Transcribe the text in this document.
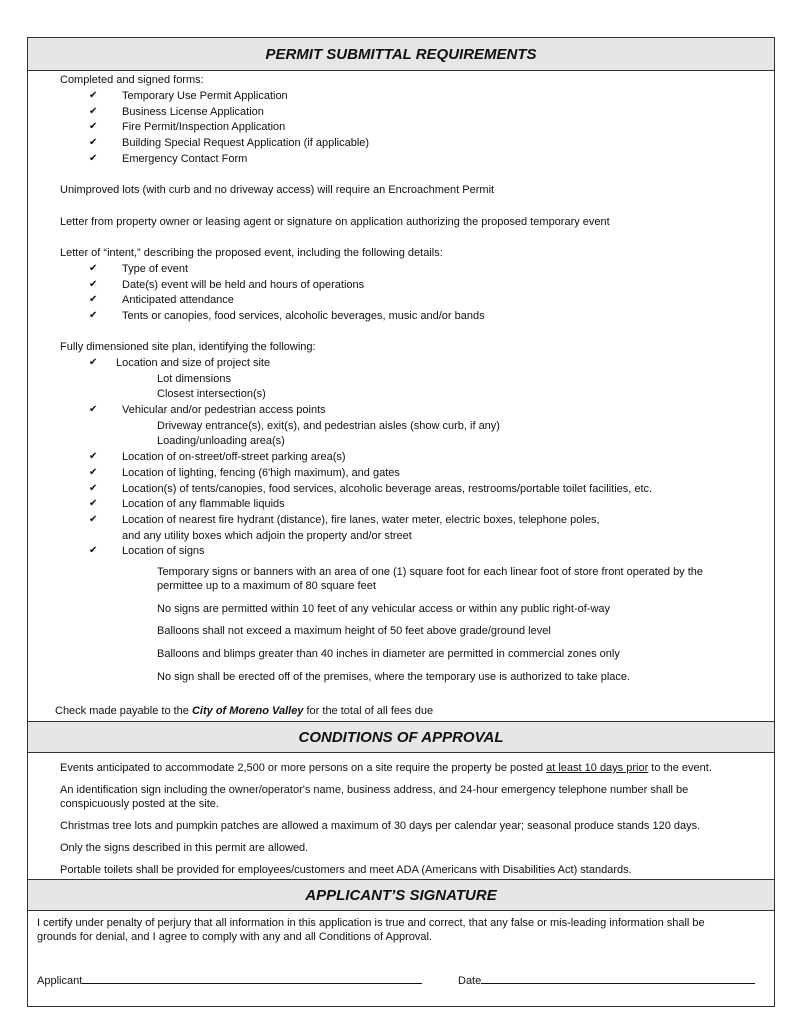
PERMIT SUBMITTAL REQUIREMENTS
Completed and signed forms:
✔ Temporary Use Permit Application
✔ Business License Application
✔ Fire Permit/Inspection Application
✔ Building Special Request Application (if applicable)
✔ Emergency Contact Form
Unimproved lots (with curb and no driveway access) will require an Encroachment Permit
Letter from property owner or leasing agent or signature on application authorizing the proposed temporary event
Letter of “intent,” describing the proposed event, including the following details:
✔ Type of event
✔ Date(s) event will be held and hours of operations
✔ Anticipated attendance
✔ Tents or canopies, food services, alcoholic beverages, music and/or bands
Fully dimensioned site plan, identifying the following:
✔ Location and size of project site
Lot dimensions
Closest intersection(s)
✔ Vehicular and/or pedestrian access points
Driveway entrance(s), exit(s), and pedestrian aisles (show curb, if any)
Loading/unloading area(s)
✔ Location of on-street/off-street parking area(s)
✔ Location of lighting, fencing (6'high maximum), and gates
✔ Location(s) of tents/canopies, food services, alcoholic beverage areas, restrooms/portable toilet facilities, etc.
✔ Location of any flammable liquids
✔ Location of nearest fire hydrant (distance), fire lanes, water meter, electric boxes, telephone poles,
and any utility boxes which adjoin the property and/or street
✔ Location of signs
Temporary signs or banners with an area of one (1) square foot for each linear foot of store front operated by the
permittee up to a maximum of 80 square feet
No signs are permitted within 10 feet of any vehicular access or within any public right-of-way
Balloons shall not exceed a maximum height of 50 feet above grade/ground level
Balloons and blimps greater than 40 inches in diameter are permitted in commercial zones only
No sign shall be erected off of the premises, where the temporary use is authorized to take place.
Check made payable to the City of Moreno Valley for the total of all fees due
CONDITIONS OF APPROVAL
Events anticipated to accommodate 2,500 or more persons on a site require the property be posted at least 10 days prior to the event.
An identification sign including the owner/operator's name, business address, and 24-hour emergency telephone number shall be
conspicuously posted at the site.
Christmas tree lots and pumpkin patches are allowed a maximum of 30 days per calendar year; seasonal produce stands 120 days.
Only the signs described in this permit are allowed.
Portable toilets shall be provided for employees/customers and meet ADA (Americans with Disabilities Act) standards.
APPLICANT’S SIGNATURE
I certify under penalty of perjury that all information in this application is true and correct, that any false or mis-leading information shall be
grounds for denial, and I agree to comply with any and all Conditions of Approval.
Applicant	Date
